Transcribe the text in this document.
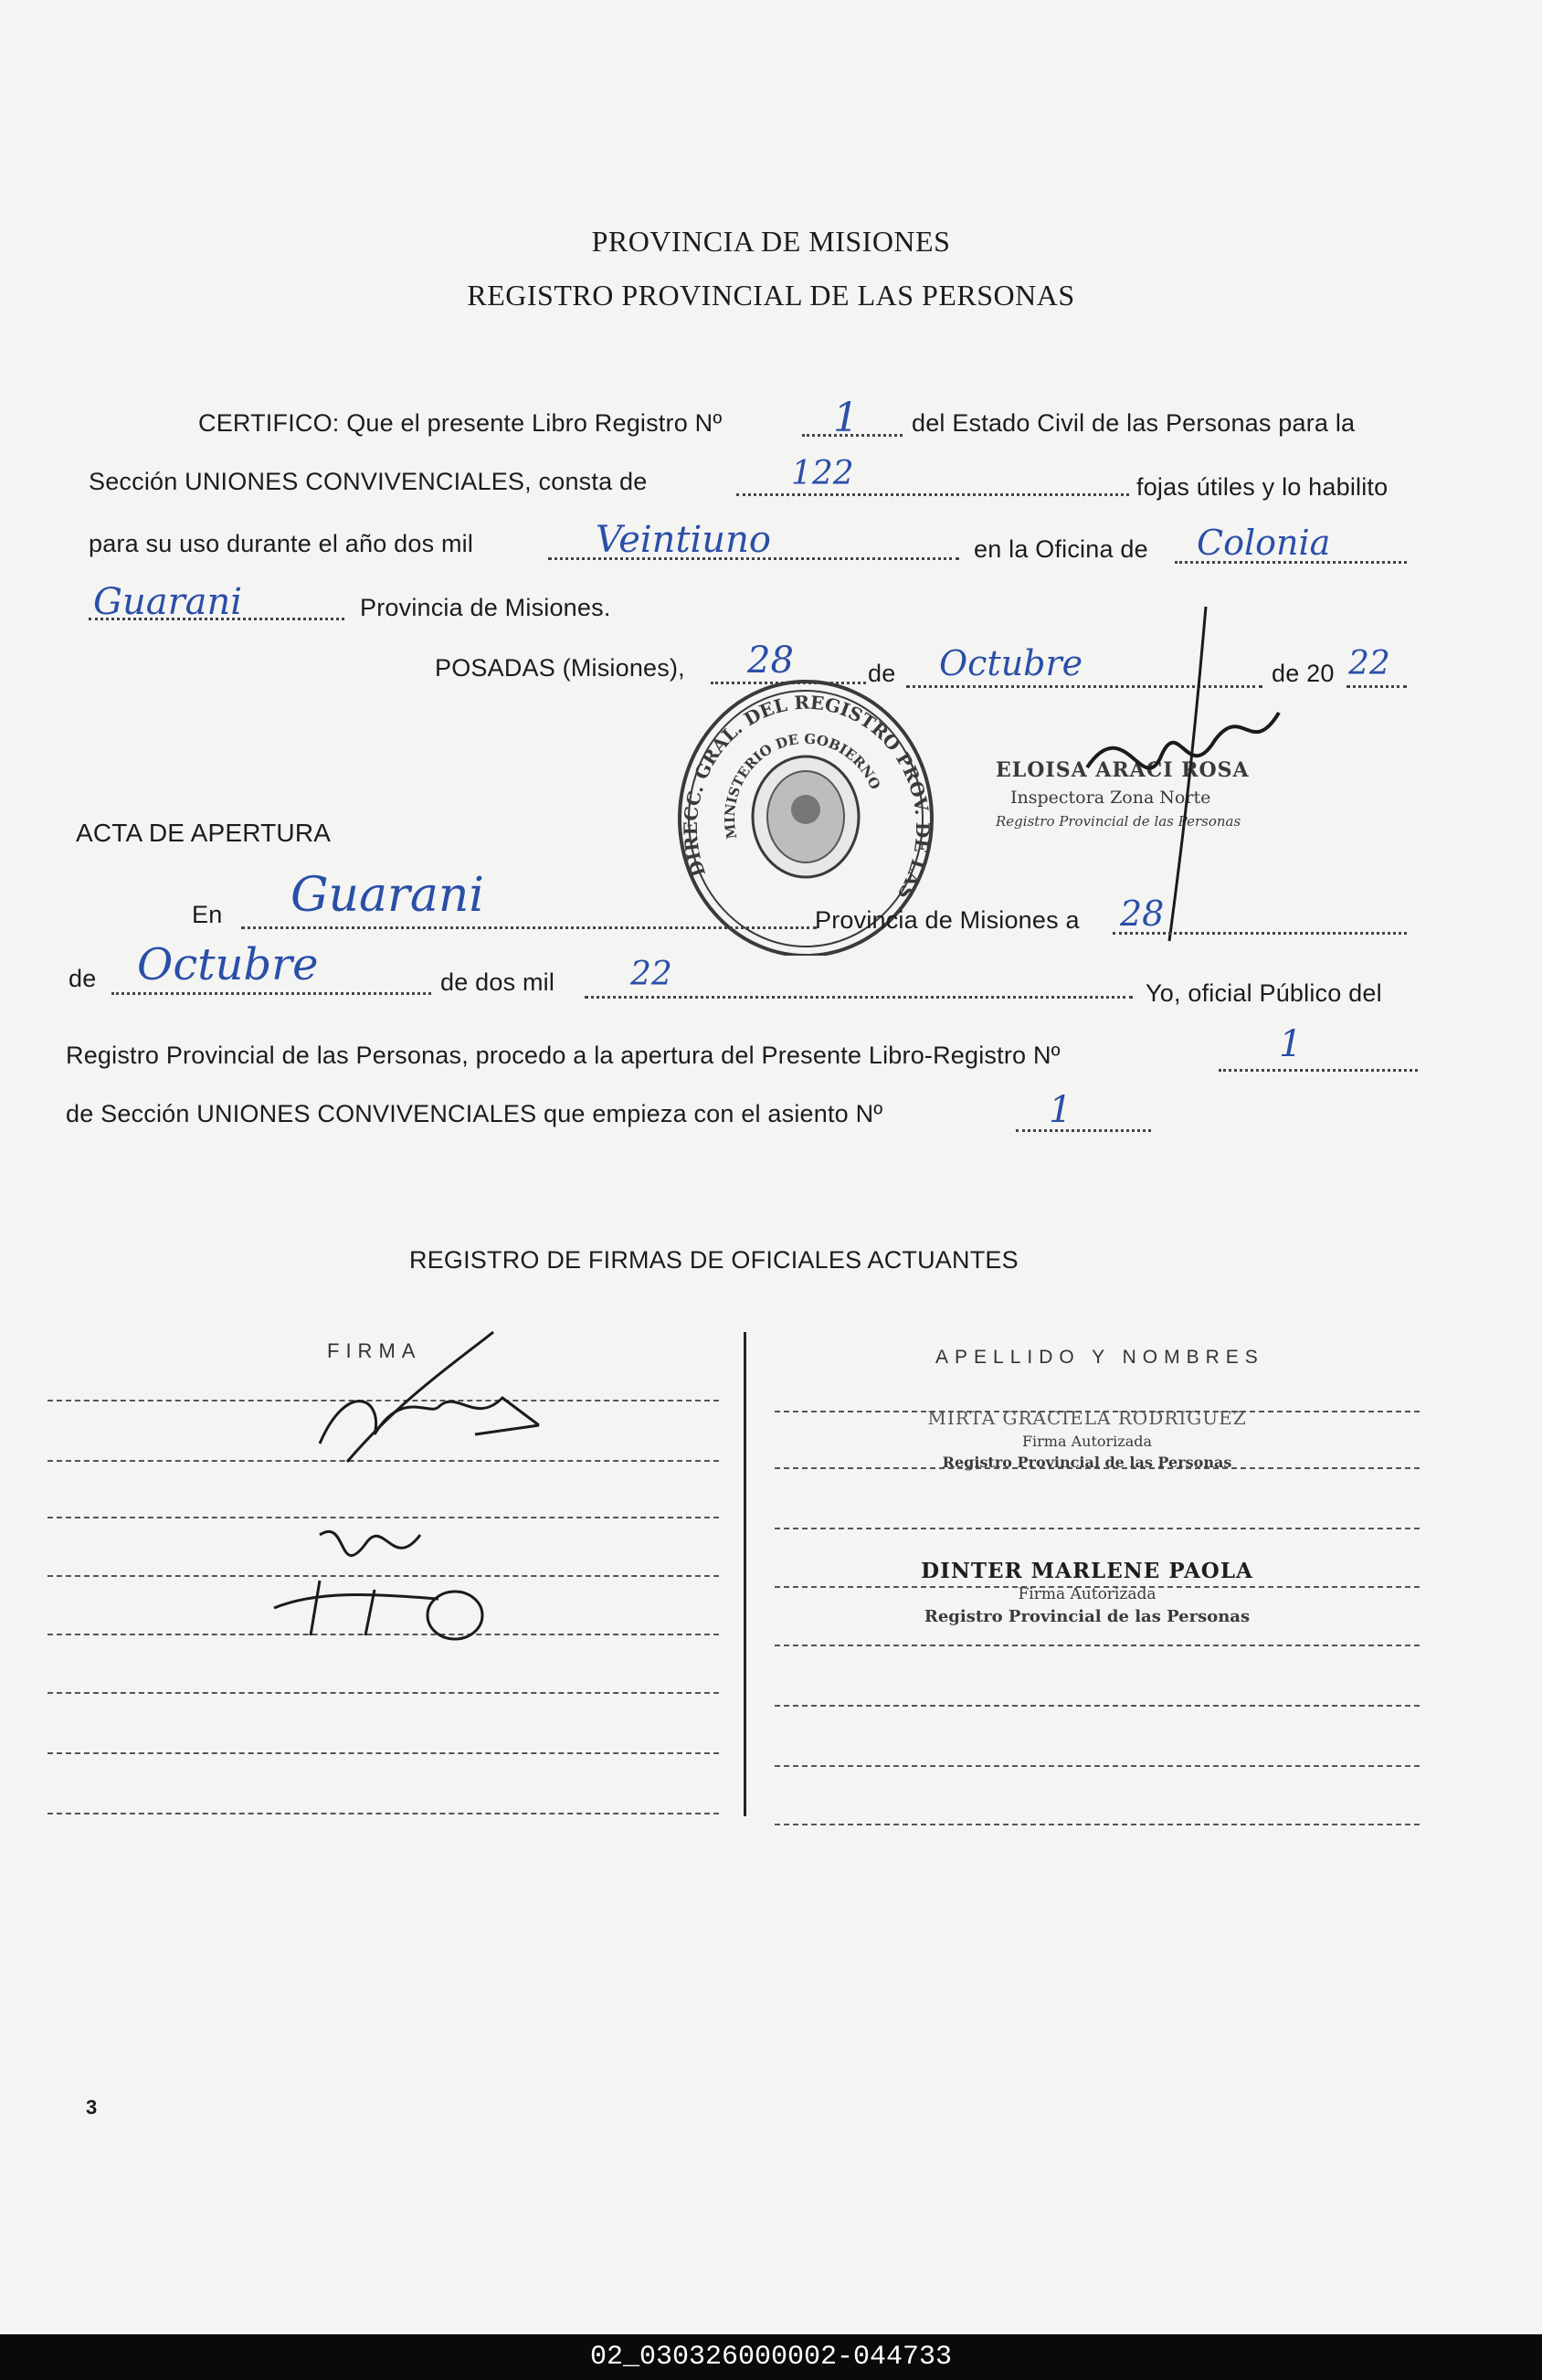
PROVINCIA DE MISIONES
REGISTRO PROVINCIAL DE LAS PERSONAS
CERTIFICO: Que el presente Libro Registro Nº	1 del Estado Civil de las Personas para la
Sección UNIONES CONVIVENCIALES, consta de	122	fojas útiles y lo habilito
para su uso durante el año dos mil	Veintiuno	en la Oficina de Colonia
Guarani	Provincia de Misiones.
POSADAS (Misiones), 28	de Octubre	de 20 22
DIRECC. GRAL. DEL REGISTRO PROV. DE LAS
MINISTERIO DE GOBIERNO
ELOISA ARACI ROSA
Inspectora Zona Norte
Registro Provincial de las Personas
ACTA DE APERTURA
En Guarani	Provincia de Misiones a 28
de Octubre	de dos mil 22	Yo, oficial Público del
Registro Provincial de las Personas, procedo a la apertura del Presente Libro-Registro Nº	1
de Sección UNIONES CONVIVENCIALES que empieza con el asiento Nº	1
REGISTRO DE FIRMAS DE OFICIALES ACTUANTES
FIRMA	APELLIDO Y NOMBRES
MIRTA GRACIELA RODRIGUEZ
Firma Autorizada
Registro Provincial de las Personas
DINTER MARLENE PAOLA
Firma Autorizada
Registro Provincial de las Personas
3
02_030326000002-044733
